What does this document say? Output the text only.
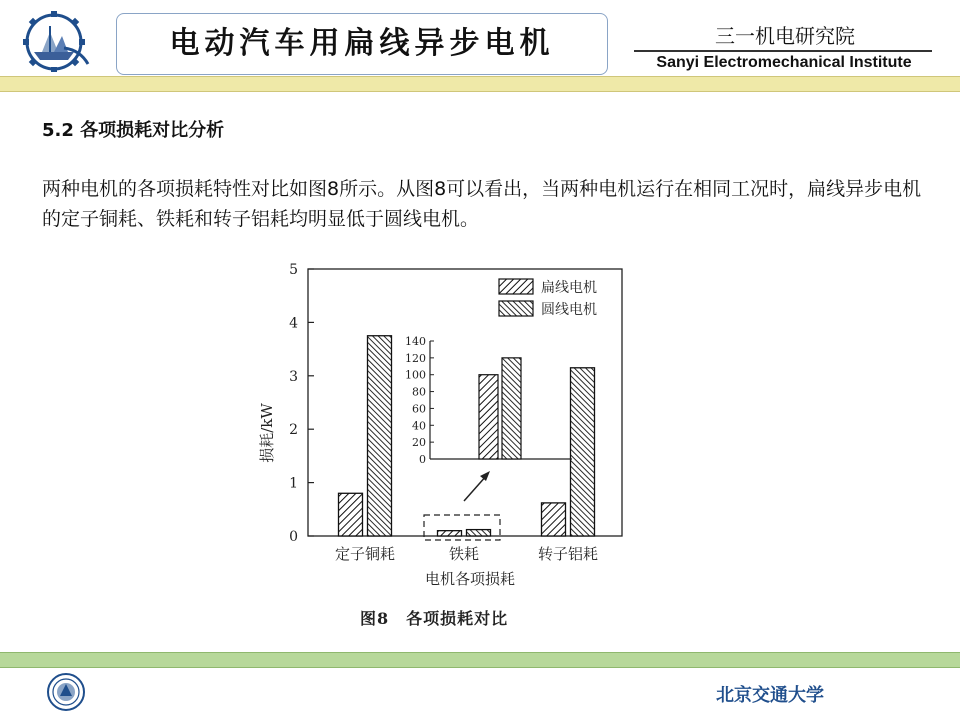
电动汽车用扁线异步电机	三一机电研究院
Sanyi Electromechanical Institute
5.2 各项损耗对比分析
两种电机的各项损耗特性对比如图8所示。从图8可以看出，当两种电机运行在相同工况时，扁线异步电机的定子铜耗、铁耗和转子铝耗均明显低于圆线电机。
0
1
2
3
4
5
定子铜耗	铁耗	转子铝耗
电机各项损耗
损耗/kW
扁线电机
圆线电机
0
20
40
60
80
100
120
140
图8　各项损耗对比
北京交通大学
